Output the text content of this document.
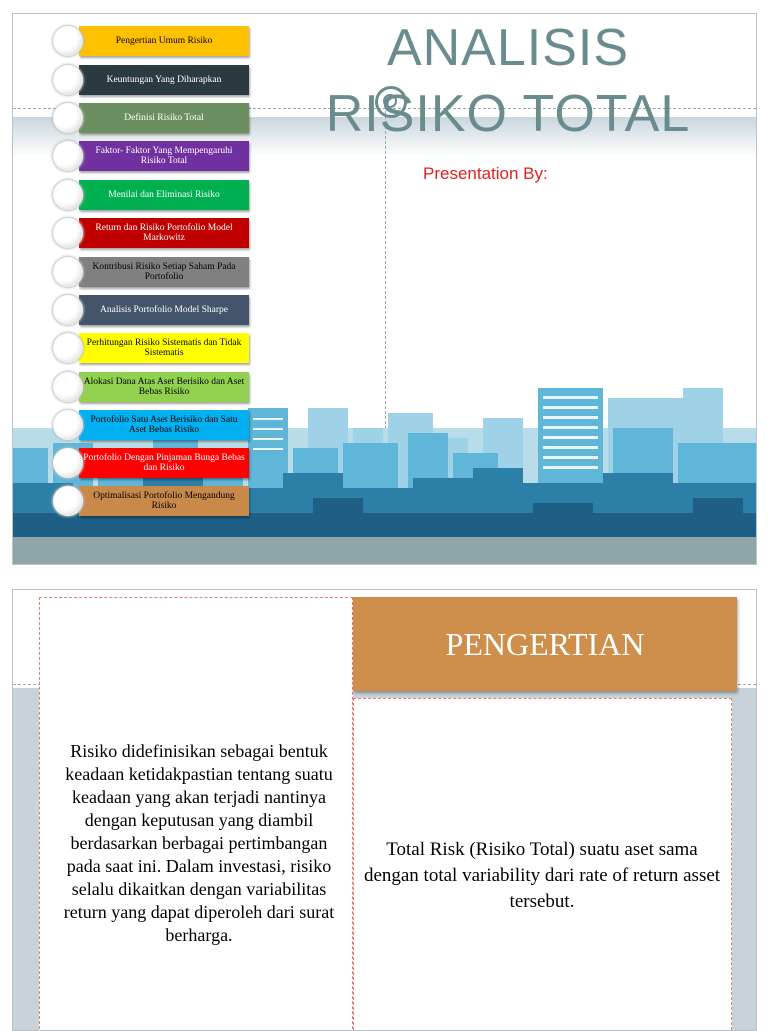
ANALISIS
RISIKO TOTAL
Presentation By:
Pengertian Umum Risiko
Keuntungan Yang Diharapkan
Definisi Risiko Total
Faktor- Faktor Yang Mempengaruhi Risiko Total
Menilai dan Eliminasi Risiko
Return dan Risiko Portofolio Model Markowitz
Kontribusi Risiko Setiap Saham Pada Portofolio
Analisis Portofolio Model Sharpe
Perhitungan Risiko Sistematis dan Tidak Sistematis
Alokasi Dana Atas Aset Berisiko dan Aset Bebas Risiko
Portofolio Satu Aset Berisiko dan Satu Aset Bebas Risiko
Portofolio Dengan Pinjaman Bunga Bebas dan Risiko
Optimalisasi Portofolio Mengandung Risiko
Risiko didefinisikan sebagai bentuk keadaan ketidakpastian tentang suatu keadaan yang akan terjadi nantinya dengan keputusan yang diambil berdasarkan berbagai pertimbangan pada saat ini. Dalam investasi, risiko selalu dikaitkan dengan variabilitas return yang dapat diperoleh dari surat berharga.
PENGERTIAN
Total Risk (Risiko Total) suatu aset sama dengan total variability dari rate of return asset tersebut.
